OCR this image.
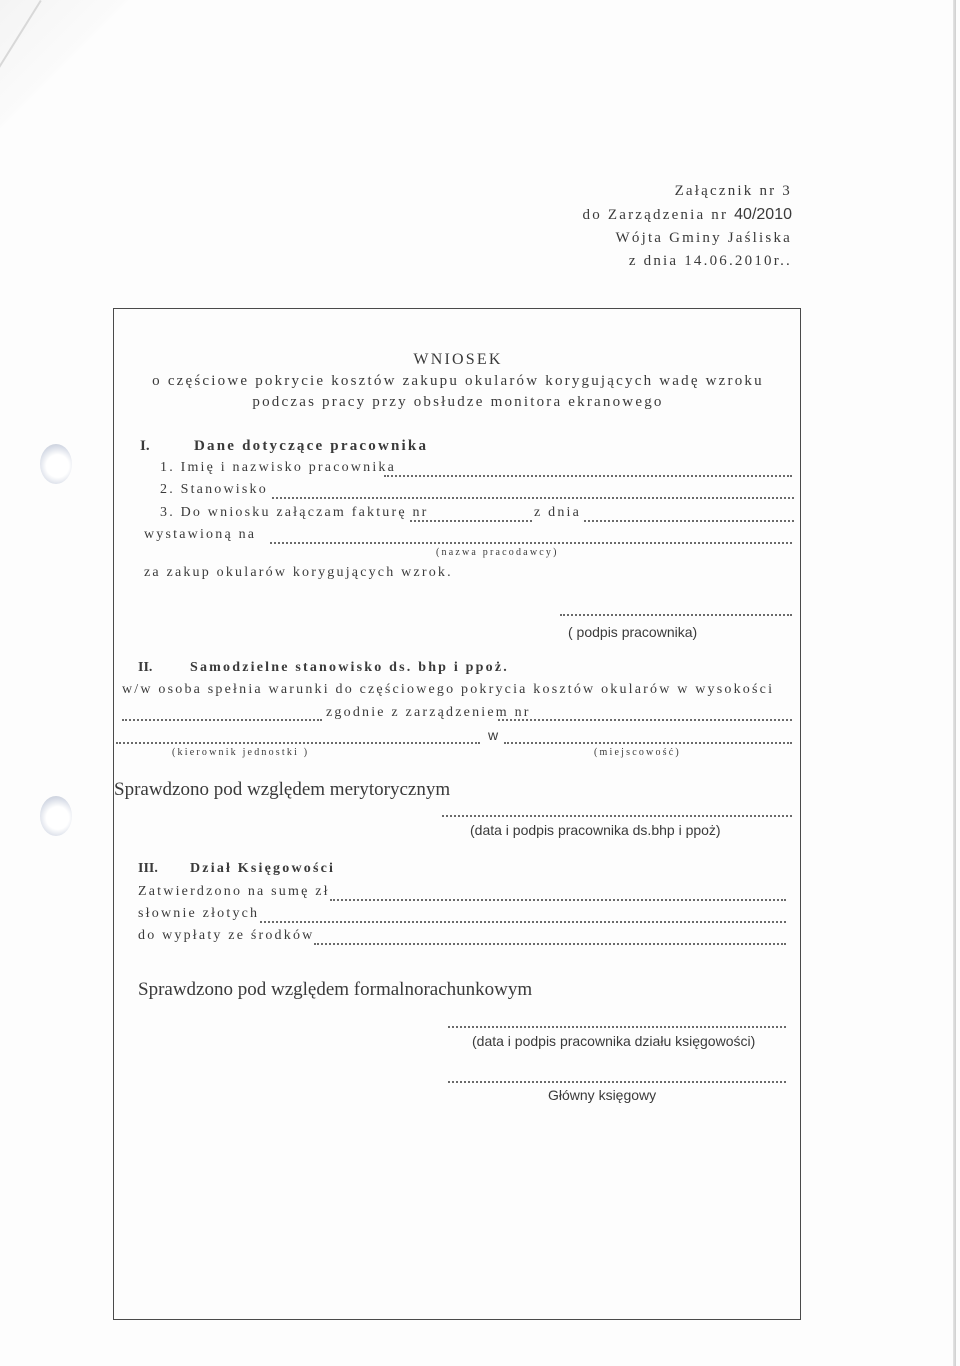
Załącznik nr 3
do Zarządzenia nr 40/2010
Wójta Gminy Jaśliska
z dnia 14.06.2010r..
WNIOSEK
o częściowe pokrycie kosztów zakupu okularów korygujących wadę wzroku
podczas pracy przy obsłudze monitora ekranowego
I.	Dane dotyczące pracownika
1. Imię i nazwisko pracownika
2. Stanowisko
3. Do wniosku załączam fakturę nr	z dnia
wystawioną na
(nazwa pracodawcy)
za zakup okularów korygujących wzrok.
( podpis pracownika)
II.	Samodzielne stanowisko ds. bhp i ppoż.
w/w osoba spełnia warunki do częściowego pokrycia kosztów okularów w wysokości
zgodnie z zarządzeniem nr
w
(kierownik jednostki )	(miejscowość)
Sprawdzono pod względem merytorycznym
(data i podpis pracownika ds.bhp i ppoż)
III. Dział Księgowości
Zatwierdzono na sumę zł
słownie złotych
do wypłaty ze środków
Sprawdzono pod względem formalnorachunkowym
(data i podpis pracownika działu księgowości)
Główny księgowy
